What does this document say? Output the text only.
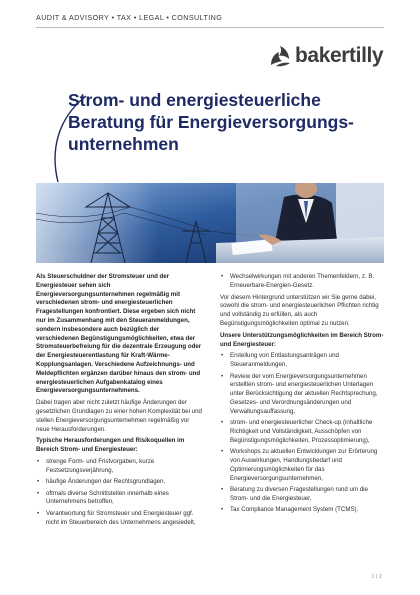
AUDIT & ADVISORY • TAX • LEGAL • CONSULTING
bakertilly
Strom- und energiesteuerliche
Beratung für Energieversorgungs-
unternehmen

Als Steuerschuldner der Stromsteuer und der Energiesteuer sehen sich Energieversorgungsunternehmen regelmäßig mit verschiedenen strom- und energiesteuerlichen Fragestellungen konfrontiert. Diese ergeben sich nicht nur im Zusammenhang mit den Steueranmeldungen, sondern insbesondere auch bezüglich der verschiedenen Begünstigungsmöglichkeiten, etwa der Stromsteuerbefreiung für die dezentrale Erzeugung oder der Energiesteuerentlastung für Kraft-Wärme-Kopplungsanlagen. Verschiedene Aufzeichnungs- und Meldepflichten ergänzen darüber hinaus den strom- und energiesteuerlichen Aufgabenkatalog eines Energieversorgungsunternehmens.

Dabei tragen aber nicht zuletzt häufige Änderungen der gesetzlichen Grundlagen zu einer hohen Komplexität bei und stellen Energieversorgungsunternehmen regelmäßig vor neue Herausforderungen.

Typische Herausforderungen und Risikoquellen im Bereich Strom- und Energiesteuer:

• strenge Form- und Fristvorgaben, kurze Festsetzungsverjährung,
• häufige Änderungen der Rechtsgrundlagen,
• oftmals diverse Schnittstellen innerhalb eines Unternehmens betroffen,
• Verantwortung für Stromsteuer und Energiesteuer ggf. nicht im Steuerbereich des Unternehmens angesiedelt,
• Wechselwirkungen mit anderen Themenfeldern, z. B. Erneuerbare-Energien-Gesetz.

Vor diesem Hintergrund unterstützen wir Sie gerne dabei, sowohl die strom- und energiesteuerlichen Pflichten richtig und vollständig zu erfüllen, als auch Begünstigungsmöglichkeiten optimal zu nutzen.

Unsere Unterstützungsmöglichkeiten im Bereich Strom- und Energiesteuer:

• Erstellung von Entlastungsanträgen und Steueranmeldungen,
• Review der vom Energieversorgungsunternehmen erstellten strom- und energiesteuerlichen Unterlagen unter Berücksichtigung der aktuellen Rechtsprechung, Gesetzes- und Verordnungsänderungen und Verwaltungsauffassung,
• strom- und energiesteuerlicher Check-up (inhaltliche Richtigkeit und Vollständigkeit, Ausschöpfen von Begünstigungsmöglichkeiten, Prozessoptimierung),
• Workshops zu aktuellen Entwicklungen zur Erörterung von Auswirkungen, Handlungsbedarf und Optimierungsmöglichkeiten für das Energieversorgungsunternehmen,
• Beratung zu diversen Fragestellungen rund um die Strom- und die Energiesteuer,
• Tax Compliance Management System (TCMS).
1 | 2
